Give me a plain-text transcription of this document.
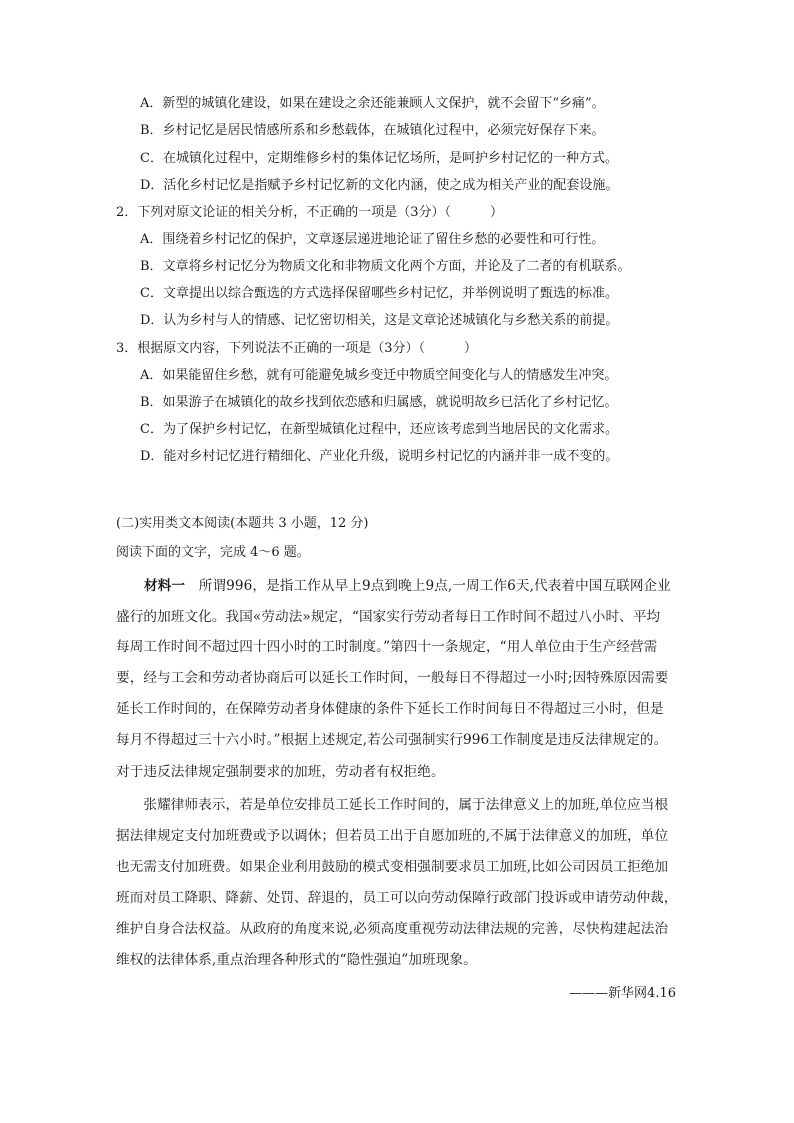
A．新型的城镇化建设，如果在建设之余还能兼顾人文保护，就不会留下“乡痛”。
B．乡村记忆是居民情感所系和乡愁载体，在城镇化过程中，必须完好保存下来。
C．在城镇化过程中，定期维修乡村的集体记忆场所，是呵护乡村记忆的一种方式。
D．活化乡村记忆是指赋予乡村记忆新的文化内涵，使之成为相关产业的配套设施。
2．下列对原文论证的相关分析，不正确的一项是（3分）（　　　）
A．围绕着乡村记忆的保护，文章逐层递进地论证了留住乡愁的必要性和可行性。
B．文章将乡村记忆分为物质文化和非物质文化两个方面，并论及了二者的有机联系。
C．文章提出以综合甄选的方式选择保留哪些乡村记忆，并举例说明了甄选的标准。
D．认为乡村与人的情感、记忆密切相关，这是文章论述城镇化与乡愁关系的前提。
3．根据原文内容，下列说法不正确的一项是（3分）（　　　）
A．如果能留住乡愁，就有可能避免城乡变迁中物质空间变化与人的情感发生冲突。
B．如果游子在城镇化的故乡找到依恋感和归属感，就说明故乡已活化了乡村记忆。
C．为了保护乡村记忆，在新型城镇化过程中，还应该考虑到当地居民的文化需求。
D．能对乡村记忆进行精细化、产业化升级，说明乡村记忆的内涵并非一成不变的。
(二)实用类文本阅读(本题共 3 小题，12 分)
阅读下面的文字，完成 4～6 题。
材料一　所谓996，是指工作从早上9点到晚上9点,一周工作6天,代表着中国互联网企业
盛行的加班文化。我国«劳动法»规定，“国家实行劳动者每日工作时间不超过八小时、平均
每周工作时间不超过四十四小时的工时制度。”第四十一条规定，“用人单位由于生产经营需
要，经与工会和劳动者协商后可以延长工作时间，一般每日不得超过一小时;因特殊原因需要
延长工作时间的，在保障劳动者身体健康的条件下延长工作时间每日不得超过三小时，但是
每月不得超过三十六小时。”根据上述规定,若公司强制实行996工作制度是违反法律规定的。
对于违反法律规定强制要求的加班，劳动者有权拒绝。
　　张耀律师表示，若是单位安排员工延长工作时间的，属于法律意义上的加班,单位应当根
据法律规定支付加班费或予以调休；但若员工出于自愿加班的,不属于法律意义的加班，单位
也无需支付加班费。如果企业利用鼓励的模式变相强制要求员工加班,比如公司因员工拒绝加
班而对员工降职、降薪、处罚、辞退的，员工可以向劳动保障行政部门投诉或申请劳动仲裁，
维护自身合法权益。从政府的角度来说,必须高度重视劳动法律法规的完善，尽快构建起法治
维权的法律体系,重点治理各种形式的“隐性强迫”加班现象。
———新华网4.16
